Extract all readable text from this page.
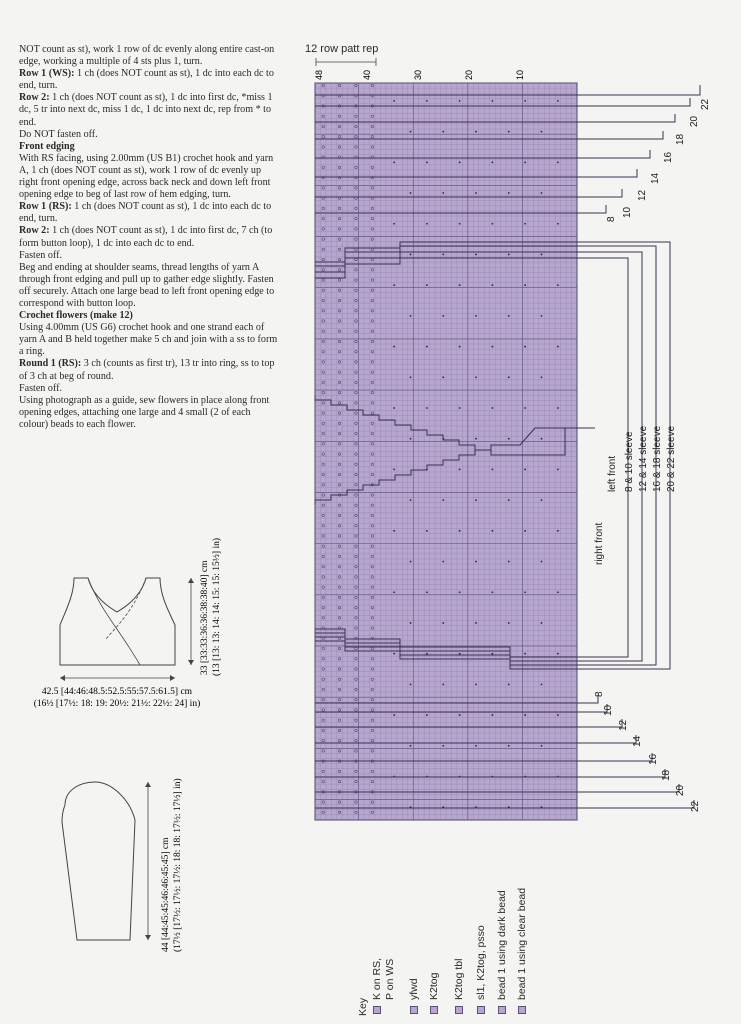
NOT count as st), work 1 row of dc evenly along entire cast-on edge, working a multiple of 4 sts plus 1, turn.

Row 1 (WS): 1 ch (does NOT count as st), 1 dc into each dc to end, turn.

Row 2: 1 ch (does NOT count as st), 1 dc into first dc, *miss 1 dc, 5 tr into next dc, miss 1 dc, 1 dc into next dc, rep from * to end.

Do NOT fasten off.

Front edging

With RS facing, using 2.00mm (US B1) crochet hook and yarn A, 1 ch (does NOT count as st), work 1 row of dc evenly up right front opening edge, across back neck and down left front opening edge to beg of last row of hem edging, turn.

Row 1 (RS): 1 ch (does NOT count as st), 1 dc into each dc to end, turn.

Row 2: 1 ch (does NOT count as st), 1 dc into first dc, 7 ch (to form button loop), 1 dc into each dc to end.

Fasten off.

Beg and ending at shoulder seams, thread lengths of yarn A through front edging and pull up to gather edge slightly. Fasten off securely. Attach one large bead to left front opening edge to correspond with button loop.

Crochet flowers (make 12)

Using 4.00mm (US G6) crochet hook and one strand each of yarn A and B held together make 5 ch and join with a ss to form a ring.

Round 1 (RS): 3 ch (counts as first tr), 13 tr into ring, ss to top of 3 ch at beg of round.

Fasten off.

Using photograph as a guide, sew flowers in place along front opening edges, attaching one large and 4 small (2 of each colour) beads to each flower.

42.5 [44:46:48.5:52.5:55:57.5:61.5] cm
(16½ [17½: 18: 19: 20½: 21½: 22½: 24] in)
33 [33:33:36:36:38:38:40] cm (13 [13: 13: 14: 14: 15: 15: 15½] in)
44 [44:45:45:46:46:45:45] cm (17½ [17½: 17½: 17½: 18: 18: 17½: 17½] in)
12 row patt rep
48	40	30	20	10
22
20
18
16
14
12
10
8
8
10
12
14
16
18
20
22
right front
left front 8 & 10 sleeve 12 & 14 sleeve 16 & 18 sleeve 20 & 22 sleeve
Key
K on RS, P on WS yfwd K2tog K2tog tbl sl1, K2tog, psso bead 1 using dark bead bead 1 using clear bead
